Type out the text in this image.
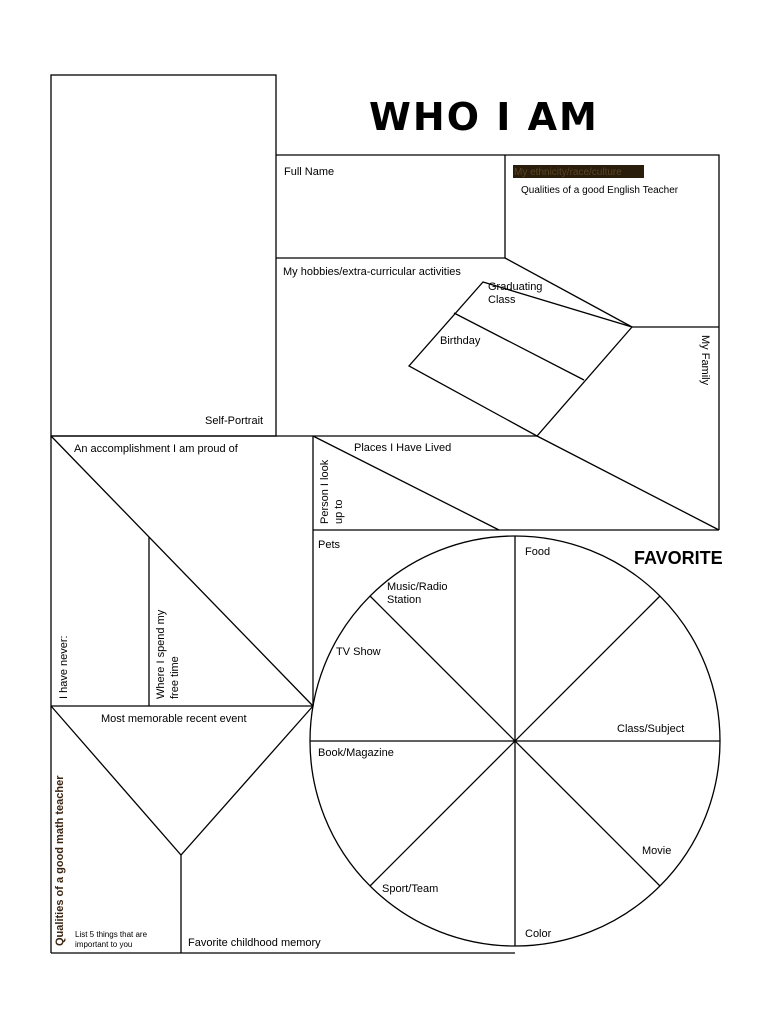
WHO I AM
Self-Portrait
Full Name	My ethnicity/race/culture
Qualities of a good English Teacher
My hobbies/extra-curricular activities
Graduating
Class
Birthday	My Family
An accomplishment I am proud of	Places I Have Lived
Person I look up to
I have never:	Where I spend my free time
Most memorable recent event
Qualities of a good math teacher List 5 things that are
important to you	Favorite childhood memory
Pets
FAVORITE
Food
Music/Radio
Station
TV Show
Class/Subject
Book/Magazine
Movie
Sport/Team
Color
